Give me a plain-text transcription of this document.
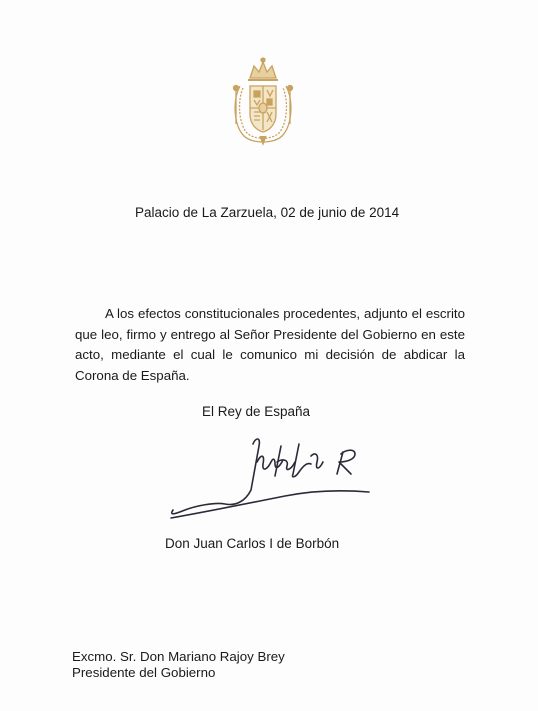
Palacio de La Zarzuela, 02 de junio de 2014
A los efectos constitucionales procedentes, adjunto el escrito que leo, firmo y entrego al Señor Presidente del Gobierno en este acto, mediante el cual le comunico mi decisión de abdicar la Corona de España.
El Rey de España
Don Juan Carlos I de Borbón
Excmo. Sr. Don Mariano Rajoy Brey
Presidente del Gobierno
